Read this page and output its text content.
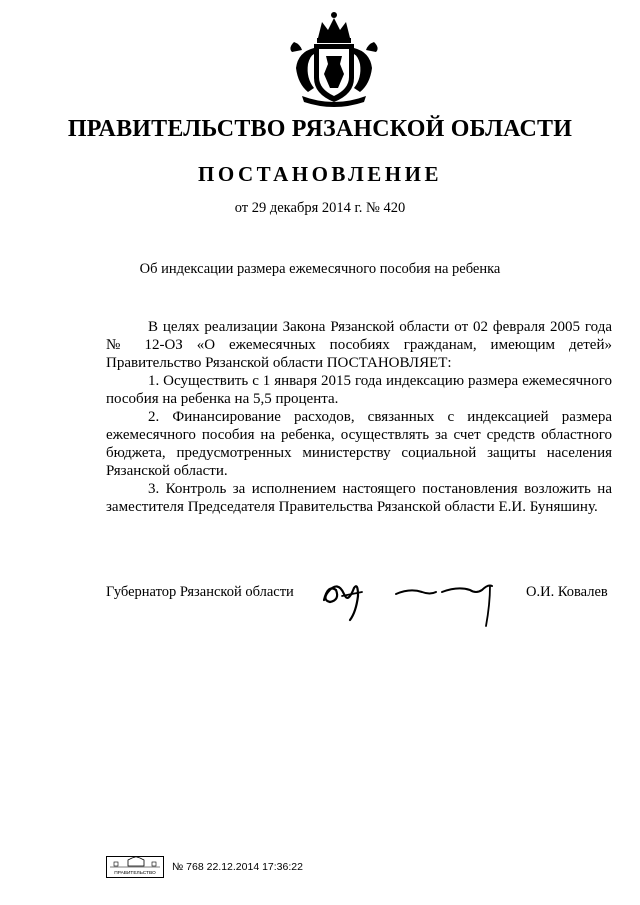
ПРАВИТЕЛЬСТВО РЯЗАНСКОЙ ОБЛАСТИ
ПОСТАНОВЛЕНИЕ
от 29 декабря 2014 г. № 420
Об индексации размера ежемесячного пособия на ребенка

В целях реализации Закона Рязанской области от 02 февраля 2005 года № 12-ОЗ «О ежемесячных пособиях гражданам, имеющим детей» Правительство Рязанской области ПОСТАНОВЛЯЕТ:

1. Осуществить с 1 января 2015 года индексацию размера ежемесячного пособия на ребенка на 5,5 процента.

2. Финансирование расходов, связанных с индексацией размера ежемесячного пособия на ребенка, осуществлять за счет средств областного бюджета, предусмотренных министерству социальной защиты населения Рязанской области.

3. Контроль за исполнением настоящего постановления возложить на заместителя Председателя Правительства Рязанской области Е.И. Буняшину.

Губернатор Рязанской области	О.И. Ковалев
ПРАВИТЕЛЬСТВО
№ 768 22.12.2014 17:36:22
